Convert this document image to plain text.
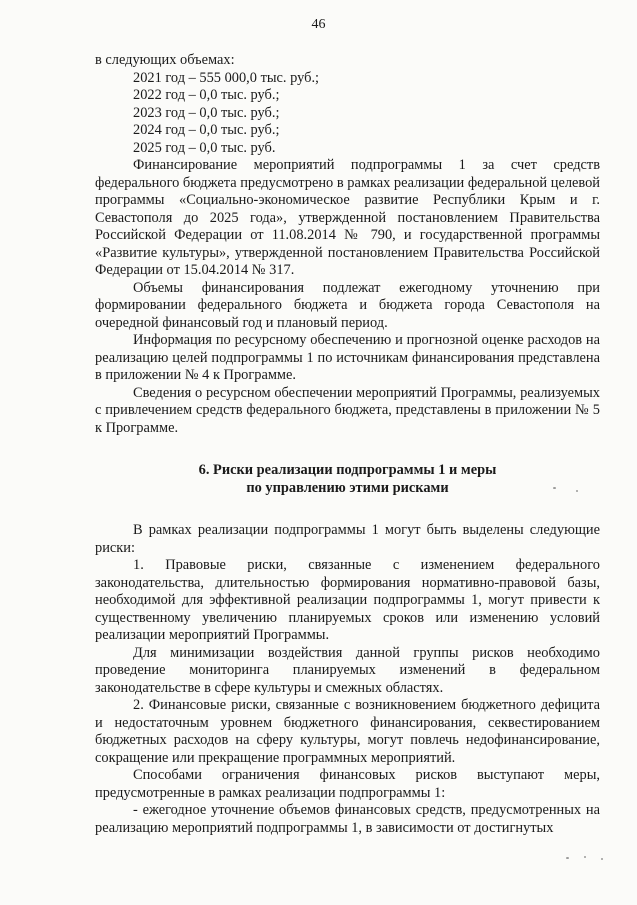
46

в следующих объемах:

2021 год – 555 000,0 тыс. руб.;
2022 год – 0,0 тыс. руб.;
2023 год – 0,0 тыс. руб.;
2024 год – 0,0 тыс. руб.;
2025 год – 0,0 тыс. руб.

Финансирование мероприятий подпрограммы 1 за счет средств федерального бюджета предусмотрено в рамках реализации федеральной целевой программы «Социально-экономическое развитие Республики Крым и г. Севастополя до 2025 года», утвержденной постановлением Правительства Российской Федерации от 11.08.2014 № 790, и государственной программы «Развитие культуры», утвержденной постановлением Правительства Российской Федерации от 15.04.2014 № 317.

Объемы финансирования подлежат ежегодному уточнению при формировании федерального бюджета и бюджета города Севастополя на очередной финансовый год и плановый период.

Информация по ресурсному обеспечению и прогнозной оценке расходов на реализацию целей подпрограммы 1 по источникам финансирования представлена в приложении № 4 к Программе.

Сведения о ресурсном обеспечении мероприятий Программы, реализуемых с привлечением средств федерального бюджета, представлены в приложении № 5 к Программе.

6. Риски реализации подпрограммы 1 и меры
по управлению этими рисками

В рамках реализации подпрограммы 1 могут быть выделены следующие риски:

1. Правовые риски, связанные с изменением федерального законодательства, длительностью формирования нормативно-правовой базы, необходимой для эффективной реализации подпрограммы 1, могут привести к существенному увеличению планируемых сроков или изменению условий реализации мероприятий Программы.

Для минимизации воздействия данной группы рисков необходимо проведение мониторинга планируемых изменений в федеральном законодательстве в сфере культуры и смежных областях.

2. Финансовые риски, связанные с возникновением бюджетного дефицита и недостаточным уровнем бюджетного финансирования, секвестированием бюджетных расходов на сферу культуры, могут повлечь недофинансирование, сокращение или прекращение программных мероприятий.

Способами ограничения финансовых рисков выступают меры, предусмотренные в рамках реализации подпрограммы 1:

- ежегодное уточнение объемов финансовых средств, предусмотренных на реализацию мероприятий подпрограммы 1, в зависимости от достигнутых
